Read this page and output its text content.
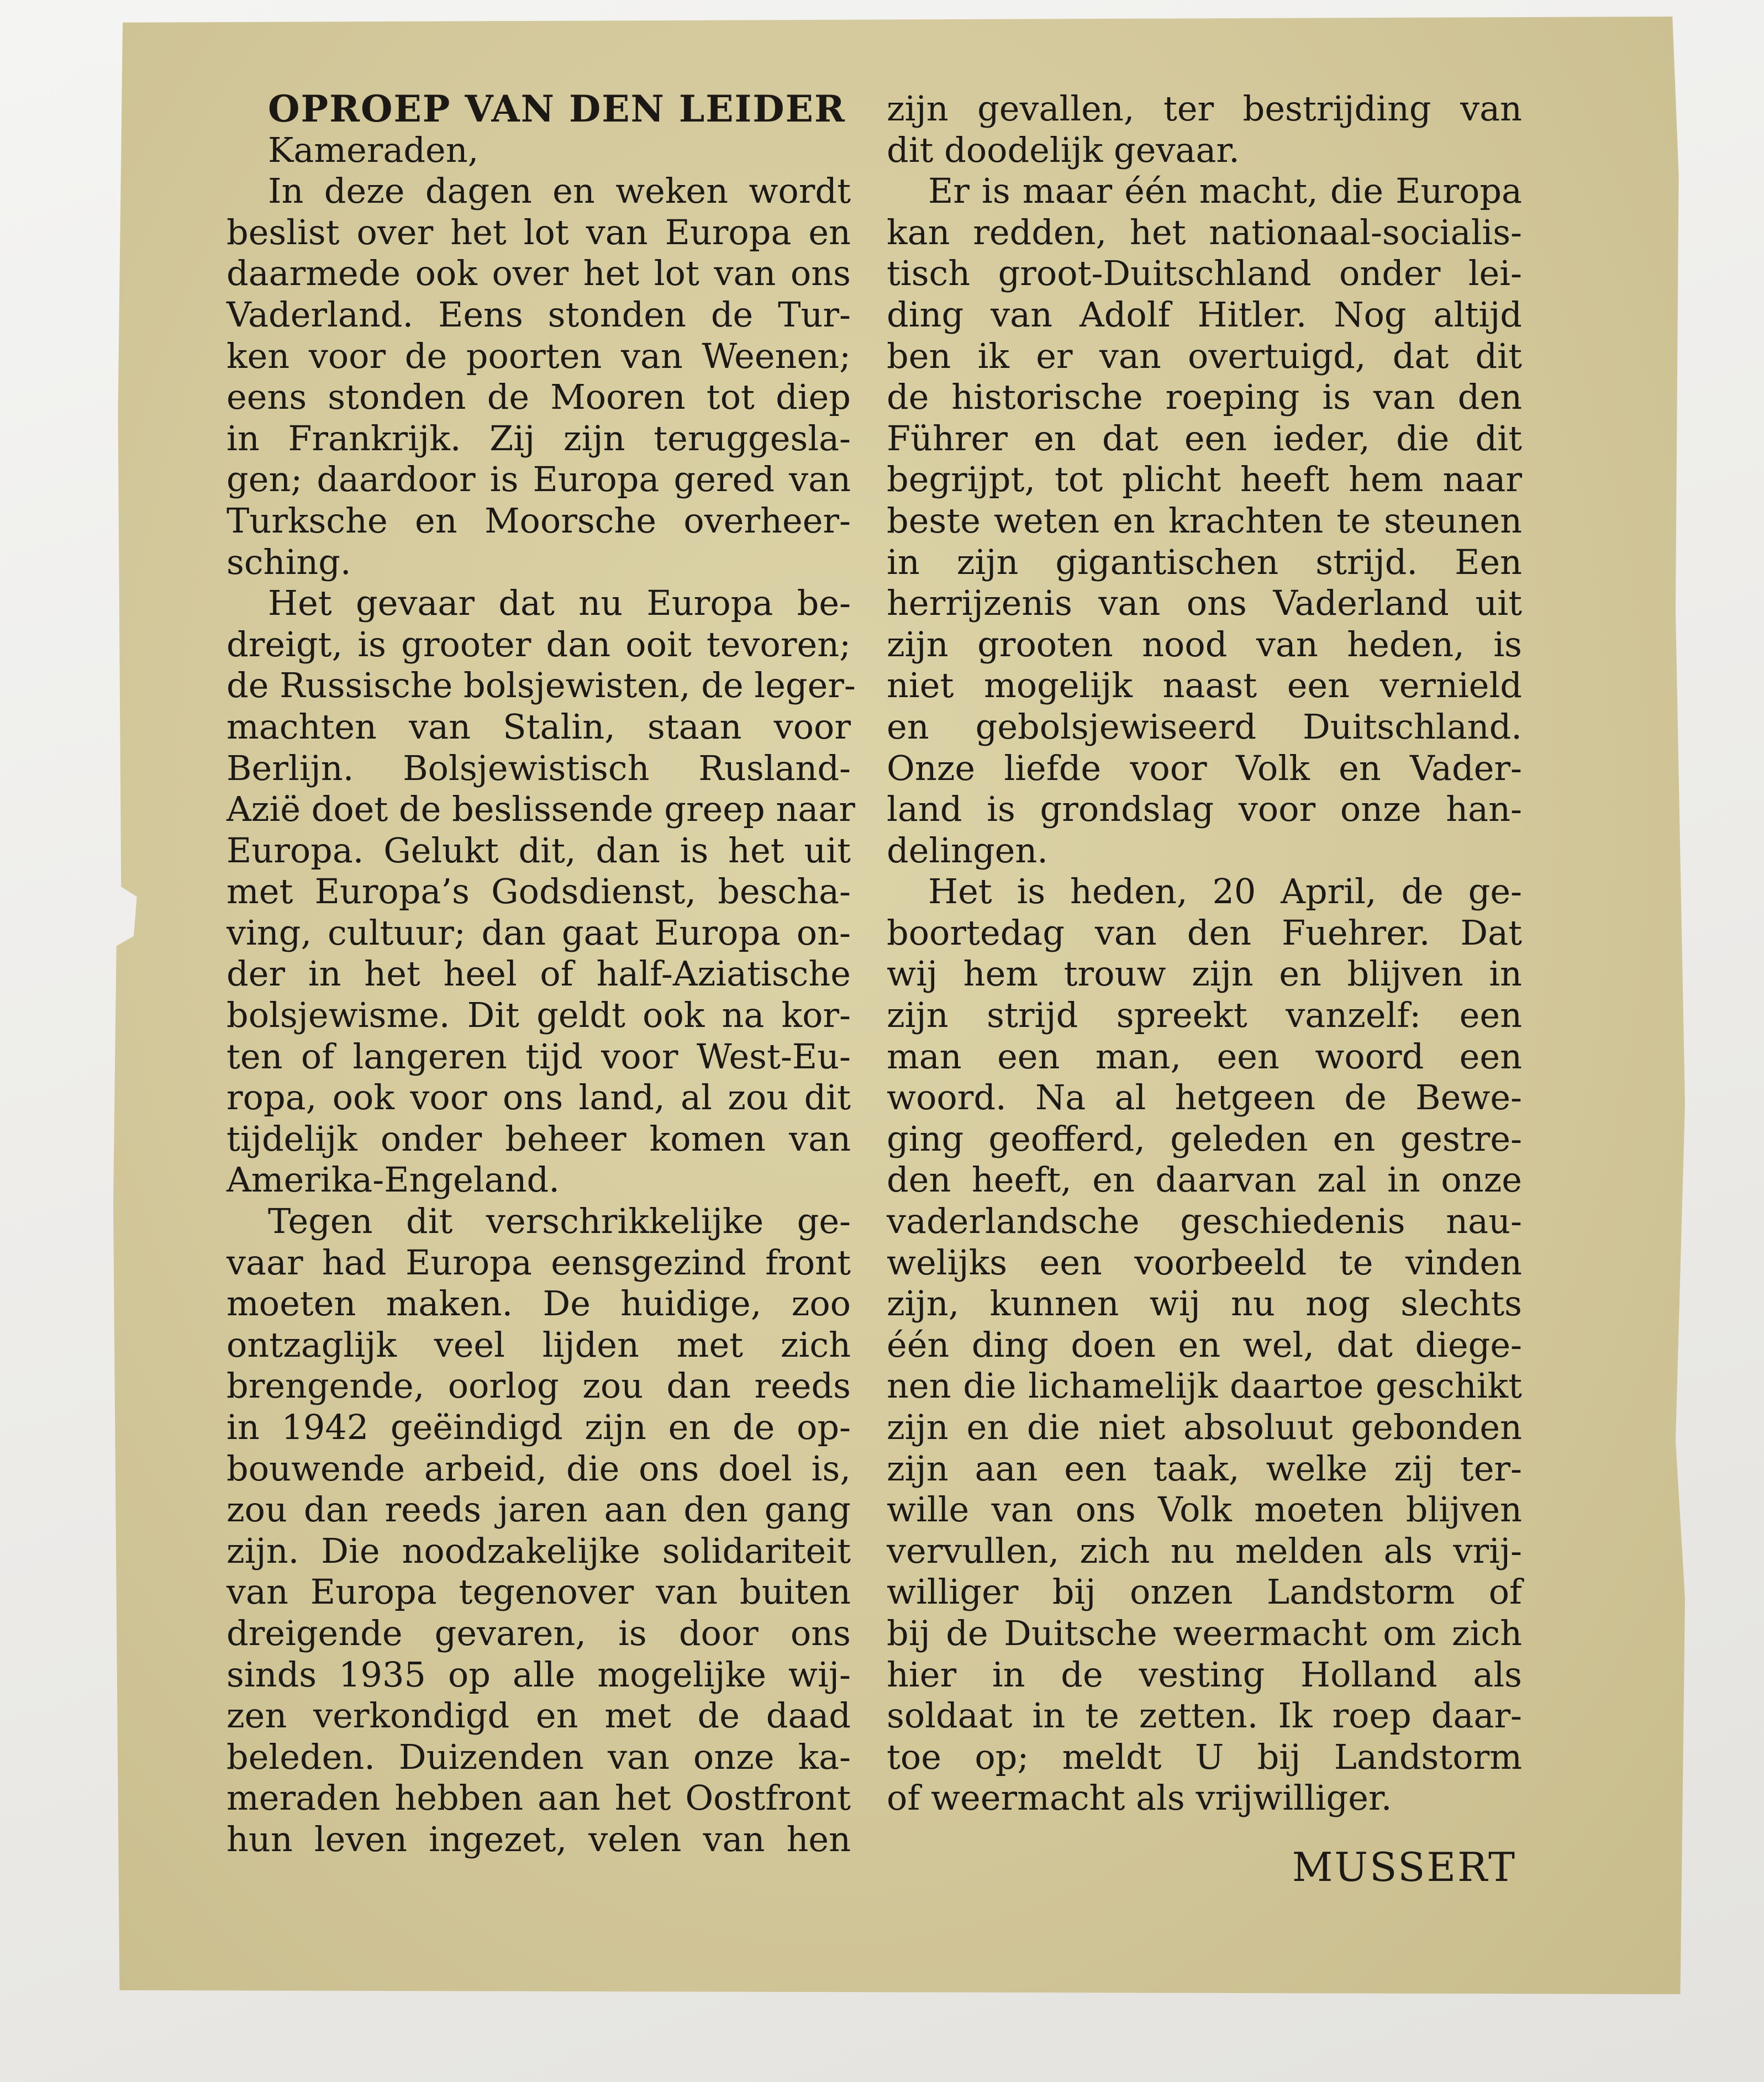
OPROEP VAN DEN LEIDER
Kameraden,
In deze dagen en weken wordt
beslist over het lot van Europa en
daarmede ook over het lot van ons
Vaderland. Eens stonden de Tur-
ken voor de poorten van Weenen;
eens stonden de Mooren tot diep
in Frankrijk. Zij zijn teruggesla-
gen; daardoor is Europa gered van
Turksche en Moorsche overheer-
sching.
Het gevaar dat nu Europa be-
dreigt, is grooter dan ooit tevoren;
de Russische bolsjewisten, de leger-
machten van Stalin, staan voor
Berlijn. Bolsjewistisch Rusland-
Azië doet de beslissende greep naar
Europa. Gelukt dit, dan is het uit
met Europa’s Godsdienst, bescha-
ving, cultuur; dan gaat Europa on-
der in het heel of half-Aziatische
bolsjewisme. Dit geldt ook na kor-
ten of langeren tijd voor West-Eu-
ropa, ook voor ons land, al zou dit
tijdelijk onder beheer komen van
Amerika-Engeland.
Tegen dit verschrikkelijke ge-
vaar had Europa eensgezind front
moeten maken. De huidige, zoo
ontzaglijk veel lijden met zich
brengende, oorlog zou dan reeds
in 1942 geëindigd zijn en de op-
bouwende arbeid, die ons doel is,
zou dan reeds jaren aan den gang
zijn. Die noodzakelijke solidariteit
van Europa tegenover van buiten
dreigende gevaren, is door ons
sinds 1935 op alle mogelijke wij-
zen verkondigd en met de daad
beleden. Duizenden van onze ka-
meraden hebben aan het Oostfront
hun leven ingezet, velen van hen
zijn gevallen, ter bestrijding van
dit doodelijk gevaar.
Er is maar één macht, die Europa
kan redden, het nationaal-socialis-
tisch groot-Duitschland onder lei-
ding van Adolf Hitler. Nog altijd
ben ik er van overtuigd, dat dit
de historische roeping is van den
Führer en dat een ieder, die dit
begrijpt, tot plicht heeft hem naar
beste weten en krachten te steunen
in zijn gigantischen strijd. Een
herrijzenis van ons Vaderland uit
zijn grooten nood van heden, is
niet mogelijk naast een vernield
en gebolsjewiseerd Duitschland.
Onze liefde voor Volk en Vader-
land is grondslag voor onze han-
delingen.
Het is heden, 20 April, de ge-
boortedag van den Fuehrer. Dat
wij hem trouw zijn en blijven in
zijn strijd spreekt vanzelf: een
man een man, een woord een
woord. Na al hetgeen de Bewe-
ging geofferd, geleden en gestre-
den heeft, en daarvan zal in onze
vaderlandsche geschiedenis nau-
welijks een voorbeeld te vinden
zijn, kunnen wij nu nog slechts
één ding doen en wel, dat diege-
nen die lichamelijk daartoe geschikt
zijn en die niet absoluut gebonden
zijn aan een taak, welke zij ter-
wille van ons Volk moeten blijven
vervullen, zich nu melden als vrij-
williger bij onzen Landstorm of
bij de Duitsche weermacht om zich
hier in de vesting Holland als
soldaat in te zetten. Ik roep daar-
toe op; meldt U bij Landstorm
of weermacht als vrijwilliger.
MUSSERT
